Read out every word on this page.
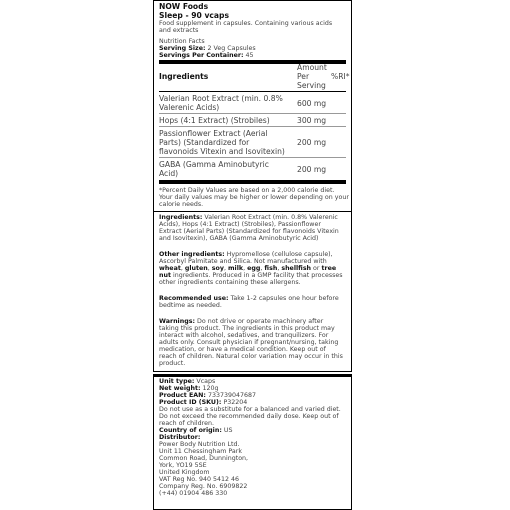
NOW Foods
Sleep - 90 vcaps
Food supplement in capsules. Containing various acids
and extracts
Nutrition Facts
Serving Size: 2 Veg Capsules
Servings Per Container: 45
Ingredients
Amount
Per
Serving
%RI*
Valerian Root Extract (min. 0.8%
Valerenic Acids)	600 mg
Hops (4:1 Extract) (Strobiles)	300 mg
Passionflower Extract (Aerial
Parts) (Standardized for
flavonoids Vitexin and Isovitexin)
200 mg
GABA (Gamma Aminobutyric
Acid)	200 mg
*Percent Daily Values are based on a 2,000 calorie diet.
Your daily values may be higher or lower depending on your
calorie needs.
Ingredients: Valerian Root Extract (min. 0.8% Valerenic
Acids), Hops (4:1 Extract) (Strobiles), Passionflower
Extract (Aerial Parts) (Standardized for flavonoids Vitexin
and Isovitexin), GABA (Gamma Aminobutyric Acid)
Other ingredients: Hypromellose (cellulose capsule),
Ascorbyl Palmitate and Silica. Not manufactured with
wheat, gluten, soy, milk, egg, fish, shellfish or tree
nut ingredients. Produced in a GMP facility that processes
other ingredients containing these allergens.
Recommended use: Take 1-2 capsules one hour before
bedtime as needed.
Warnings: Do not drive or operate machinery after
taking this product. The ingredients in this product may
interact with alcohol, sedatives, and tranquilizers. For
adults only. Consult physician if pregnant/nursing, taking
medication, or have a medical condition. Keep out of
reach of children. Natural color variation may occur in this
product.
Unit type: Vcaps
Net weight: 120g
Product EAN: 733739047687
Product ID (SKU): P32204
Do not use as a substitute for a balanced and varied diet.
Do not exceed the recommended daily dose. Keep out of
reach of children.
Country of origin: US
Distributor:
Power Body Nutrition Ltd.
Unit 11 Chessingham Park
Common Road, Dunnington,
York, YO19 5SE
United Kingdom
VAT Reg No. 940 5412 46
Company Reg. No. 6909822
(+44) 01904 486 330
